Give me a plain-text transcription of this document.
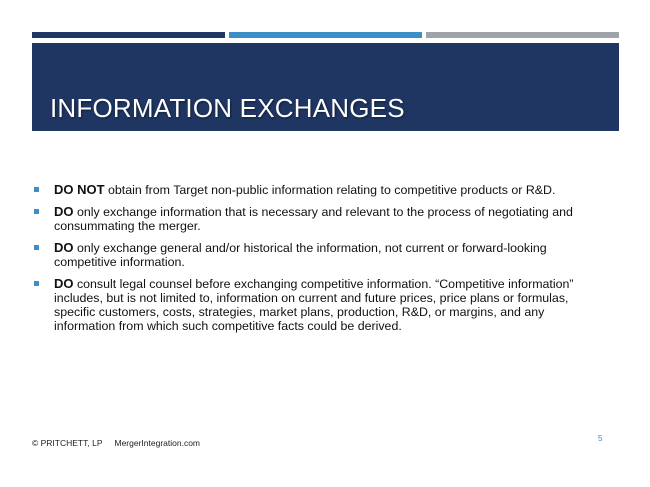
INFORMATION EXCHANGES
DO NOT obtain from Target non-public information relating to competitive products or R&D.
DO only exchange information that is necessary and relevant to the process of negotiating and consummating the merger.
DO only exchange general and/or historical the information, not current or forward-looking competitive information.
DO consult legal counsel before exchanging competitive information. “Competitive information” includes, but is not limited to, information on current and future prices, price plans or formulas, specific customers, costs, strategies, market plans, production, R&D, or margins, and any information from which such competitive facts could be derived.
© PRITCHETT, LP MergerIntegration.com	5
